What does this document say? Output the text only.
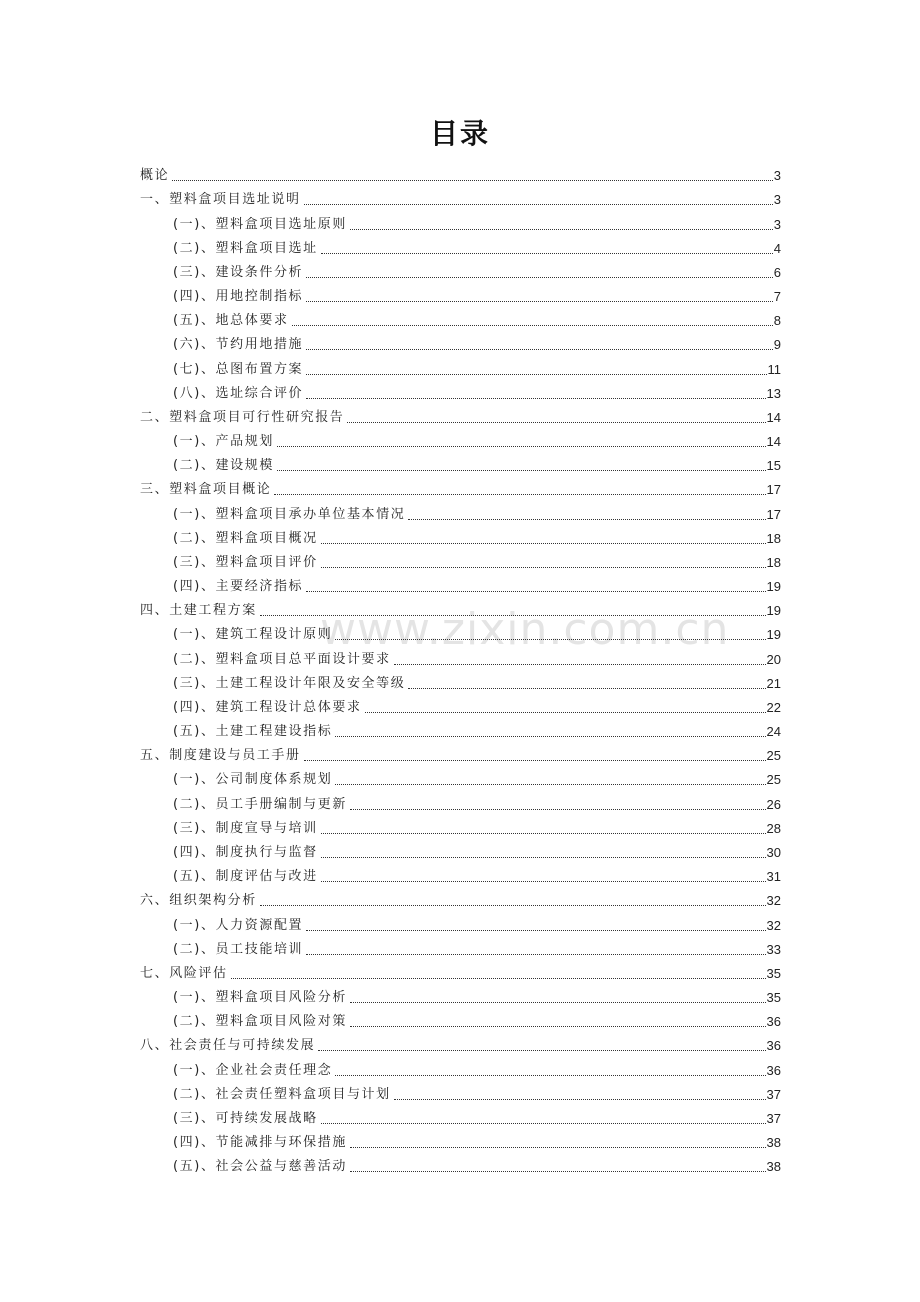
目录
www.zixin.com.cn
概论	3
一、塑料盒项目选址说明	3
(一)、塑料盒项目选址原则	3
(二)、塑料盒项目选址	4
(三)、建设条件分析	6
(四)、用地控制指标	7
(五)、地总体要求	8
(六)、节约用地措施	9
(七)、总图布置方案	11
(八)、选址综合评价	13
二、塑料盒项目可行性研究报告	14
(一)、产品规划	14
(二)、建设规模	15
三、塑料盒项目概论	17
(一)、塑料盒项目承办单位基本情况	17
(二)、塑料盒项目概况	18
(三)、塑料盒项目评价	18
(四)、主要经济指标	19
四、土建工程方案	19
(一)、建筑工程设计原则	19
(二)、塑料盒项目总平面设计要求	20
(三)、土建工程设计年限及安全等级	21
(四)、建筑工程设计总体要求	22
(五)、土建工程建设指标	24
五、制度建设与员工手册	25
(一)、公司制度体系规划	25
(二)、员工手册编制与更新	26
(三)、制度宣导与培训	28
(四)、制度执行与监督	30
(五)、制度评估与改进	31
六、组织架构分析	32
(一)、人力资源配置	32
(二)、员工技能培训	33
七、风险评估	35
(一)、塑料盒项目风险分析	35
(二)、塑料盒项目风险对策	36
八、社会责任与可持续发展	36
(一)、企业社会责任理念	36
(二)、社会责任塑料盒项目与计划	37
(三)、可持续发展战略	37
(四)、节能减排与环保措施	38
(五)、社会公益与慈善活动	38
